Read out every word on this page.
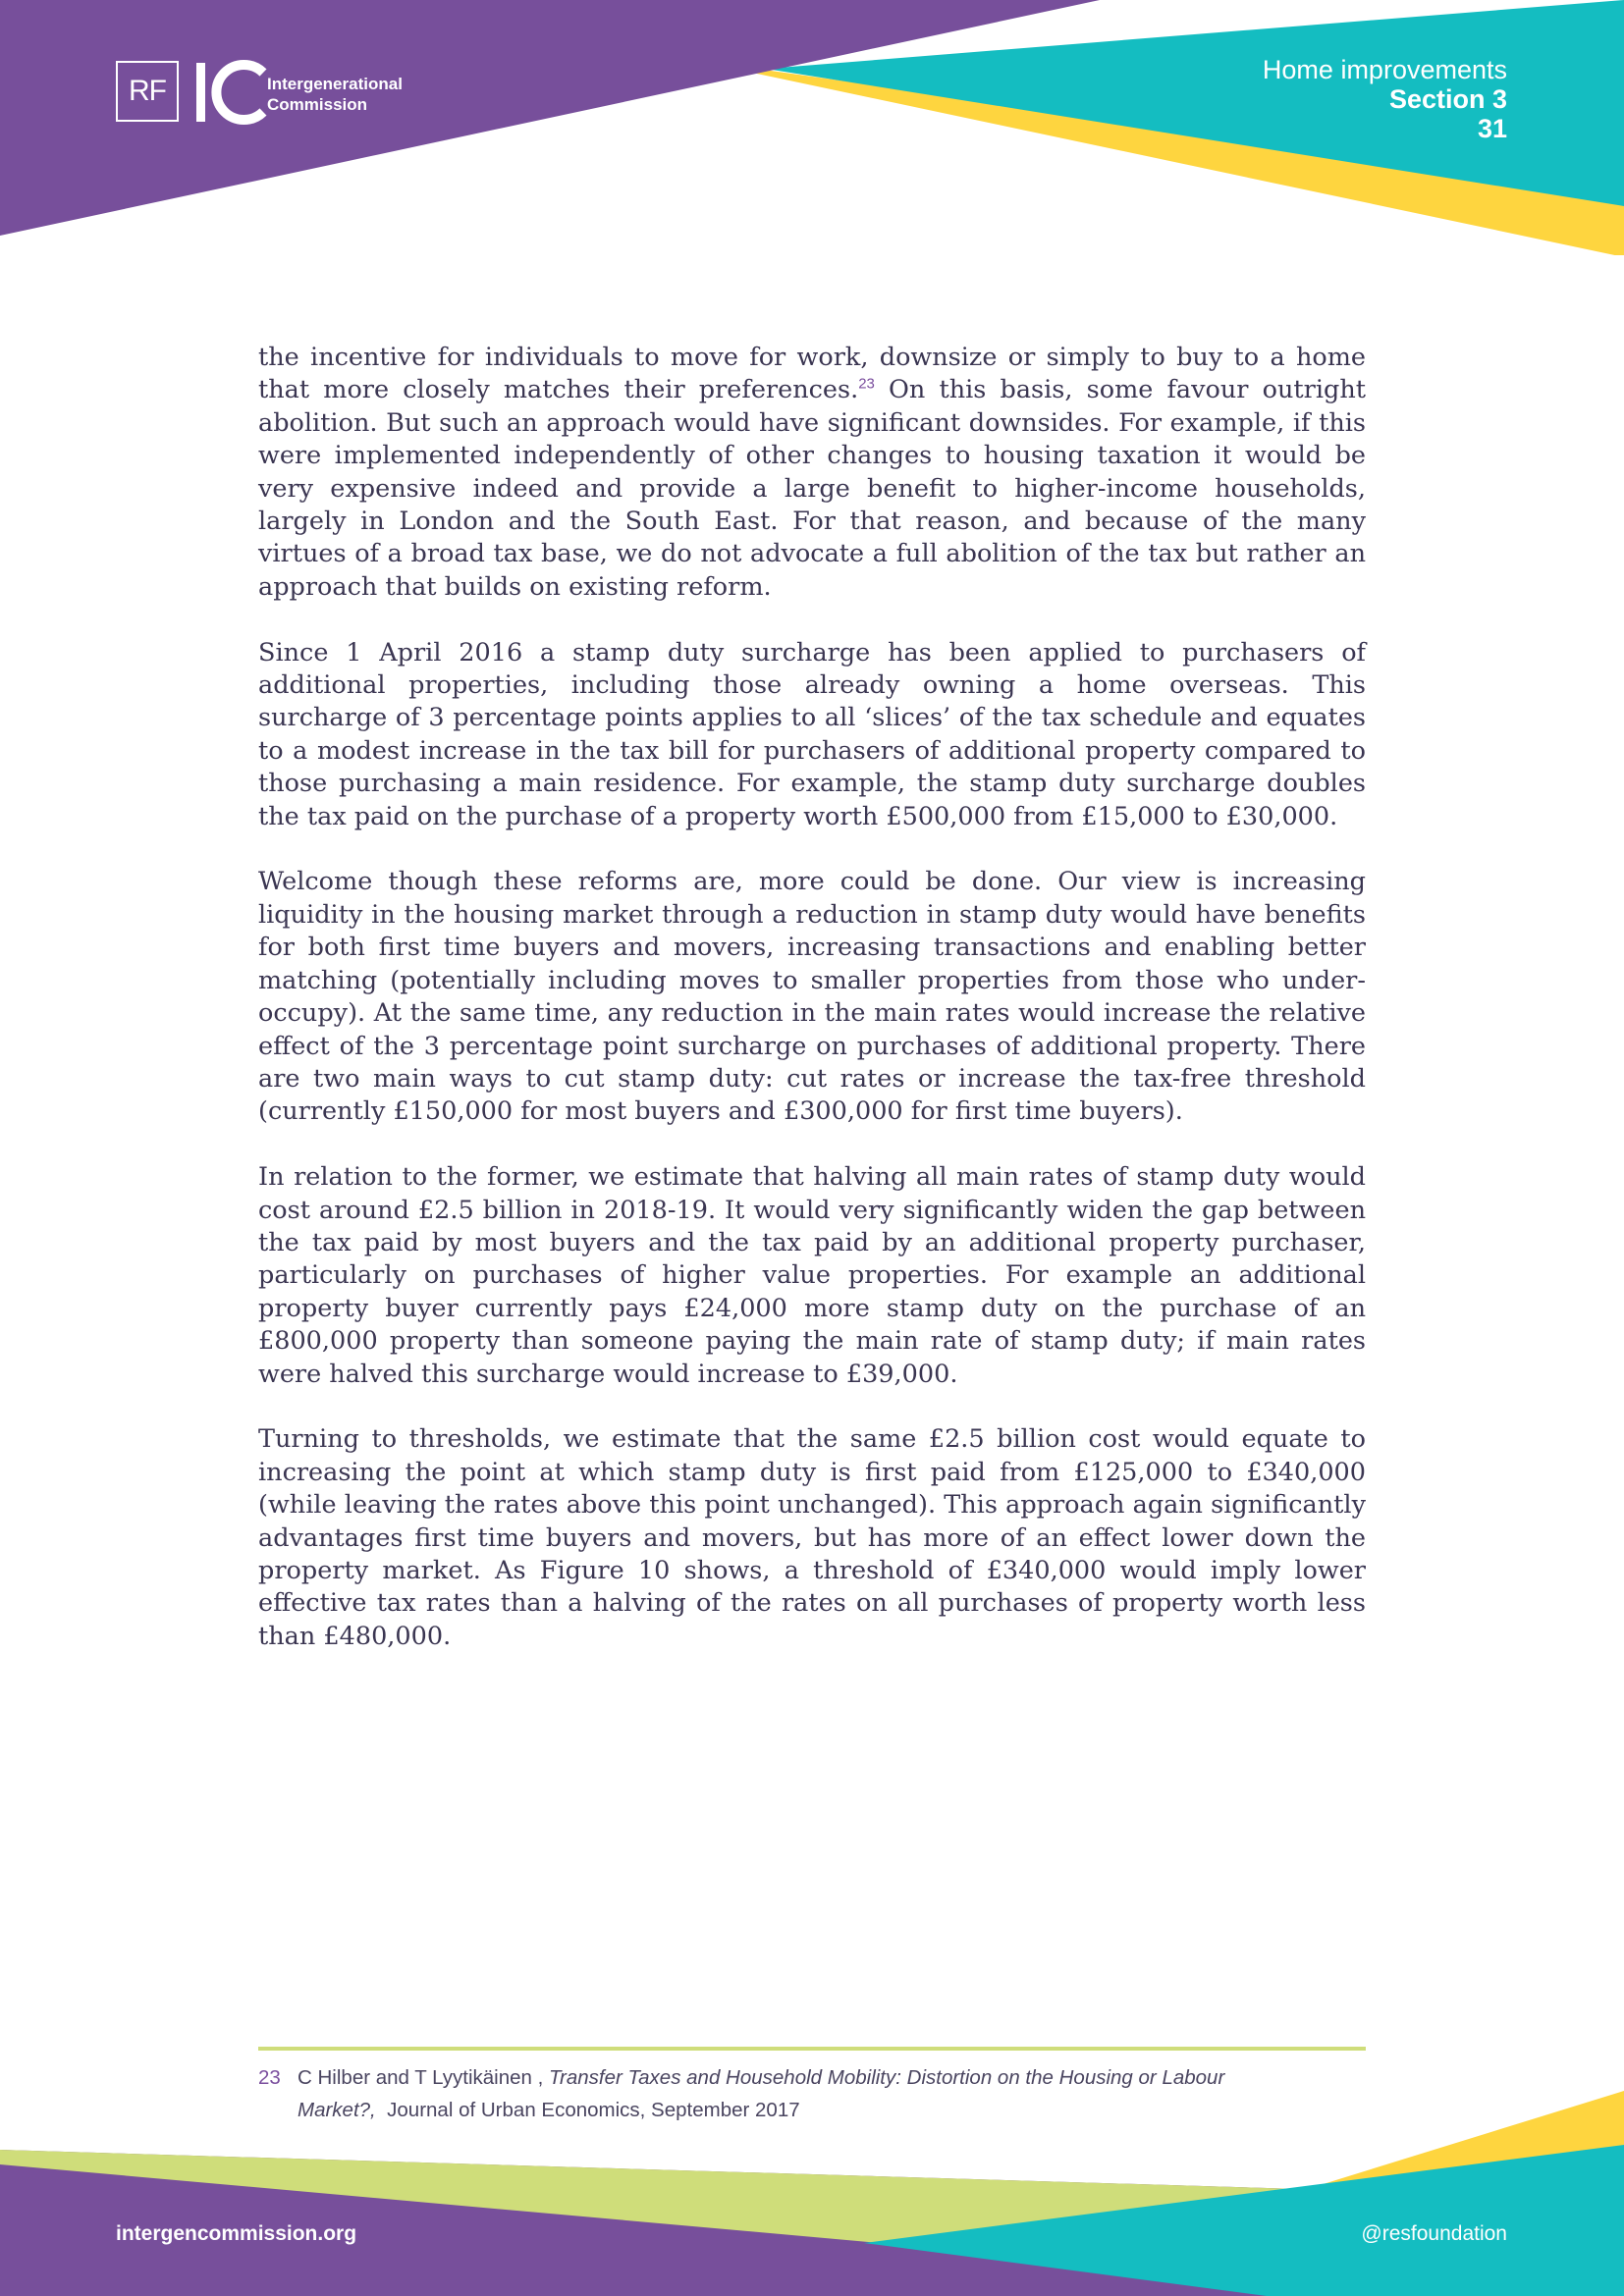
RF	Intergenerational
Commission
Home improvements
Section 3
31

the incentive for individuals to move for work, downsize or simply to buy to a home that more closely matches their preferences.$^{23}$ On this basis, some favour outright abolition. But such an approach would have significant downsides. For example, if this were implemented independently of other changes to housing taxation it would be very expensive indeed and provide a large benefit to higher-income households, largely in London and the South East. For that reason, and because of the many virtues of a broad tax base, we do not advocate a full abolition of the tax but rather an approach that builds on existing reform.

Since 1 April 2016 a stamp duty surcharge has been applied to purchasers of additional properties, including those already owning a home overseas. This surcharge of 3 percentage points applies to all ‘slices’ of the tax schedule and equates to a modest increase in the tax bill for purchasers of additional property compared to those purchasing a main residence. For example, the stamp duty surcharge doubles the tax paid on the purchase of a property worth £500,000 from £15,000 to £30,000.

Welcome though these reforms are, more could be done. Our view is increasing liquidity in the housing market through a reduction in stamp duty would have benefits for both first time buyers and movers, increasing transactions and enabling better matching (potentially including moves to smaller properties from those who under-occupy). At the same time, any reduction in the main rates would increase the relative effect of the 3 percentage point surcharge on purchases of additional property. There are two main ways to cut stamp duty: cut rates or increase the tax-free threshold (currently £150,000 for most buyers and £300,000 for first time buyers).

In relation to the former, we estimate that halving all main rates of stamp duty would cost around £2.5 billion in 2018-19. It would very significantly widen the gap between the tax paid by most buyers and the tax paid by an additional property purchaser, particularly on purchases of higher value properties. For example an additional property buyer currently pays £24,000 more stamp duty on the purchase of an £800,000 property than someone paying the main rate of stamp duty; if main rates were halved this surcharge would increase to £39,000.

Turning to thresholds, we estimate that the same £2.5 billion cost would equate to increasing the point at which stamp duty is first paid from £125,000 to £340,000 (while leaving the rates above this point unchanged). This approach again significantly advantages first time buyers and movers, but has more of an effect lower down the property market. As Figure 10 shows, a threshold of £340,000 would imply lower effective tax rates than a halving of the rates on all purchases of property worth less than £480,000.

23 C Hilber and T Lyytikäinen , Transfer Taxes and Household Mobility: Distortion on the Housing or Labour
Market?, Journal of Urban Economics, September 2017
intergencommission.org	@resfoundation
